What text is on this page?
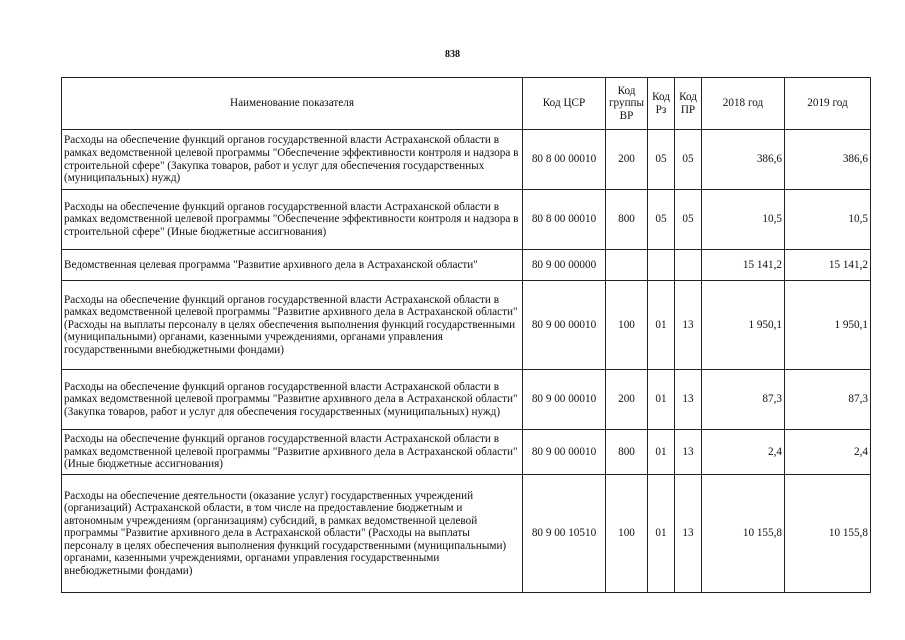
838
Наименование показателя	Код ЦСР	Код группы ВР	Код Рз	Код ПР	2018 год	2019 год
Расходы на обеспечение функций органов государственной власти Астраханской области в рамках ведомственной целевой программы "Обеспечение эффективности контроля и надзора в строительной сфере" (Закупка товаров, работ и услуг для обеспечения государственных (муниципальных) нужд)	80 8 00 00010	200	05	05	386,6	386,6
Расходы на обеспечение функций органов государственной власти Астраханской области в рамках ведомственной целевой программы "Обеспечение эффективности контроля и надзора в строительной сфере" (Иные бюджетные ассигнования)	80 8 00 00010	800	05	05	10,5	10,5
Ведомственная целевая программа "Развитие архивного дела в Астраханской области"	80 9 00 00000				15 141,2	15 141,2
Расходы на обеспечение функций органов государственной власти Астраханской области в рамках ведомственной целевой программы "Развитие архивного дела в Астраханской области" (Расходы на выплаты персоналу в целях обеспечения выполнения функций государственными (муниципальными) органами, казенными учреждениями, органами управления государственными внебюджетными фондами)	80 9 00 00010	100	01	13	1 950,1	1 950,1
Расходы на обеспечение функций органов государственной власти Астраханской области в рамках ведомственной целевой программы "Развитие архивного дела в Астраханской области" (Закупка товаров, работ и услуг для обеспечения государственных (муниципальных) нужд)	80 9 00 00010	200	01	13	87,3	87,3
Расходы на обеспечение функций органов государственной власти Астраханской области в рамках ведомственной целевой программы "Развитие архивного дела в Астраханской области" (Иные бюджетные ассигнования)	80 9 00 00010	800	01	13	2,4	2,4
Расходы на обеспечение деятельности (оказание услуг) государственных учреждений (организаций) Астраханской области, в том числе на предоставление бюджетным и автономным учреждениям (организациям) субсидий, в рамках ведомственной целевой программы "Развитие архивного дела в Астраханской области" (Расходы на выплаты персоналу в целях обеспечения выполнения функций государственными (муниципальными) органами, казенными учреждениями, органами управления государственными внебюджетными фондами)	80 9 00 10510	100	01	13	10 155,8	10 155,8
